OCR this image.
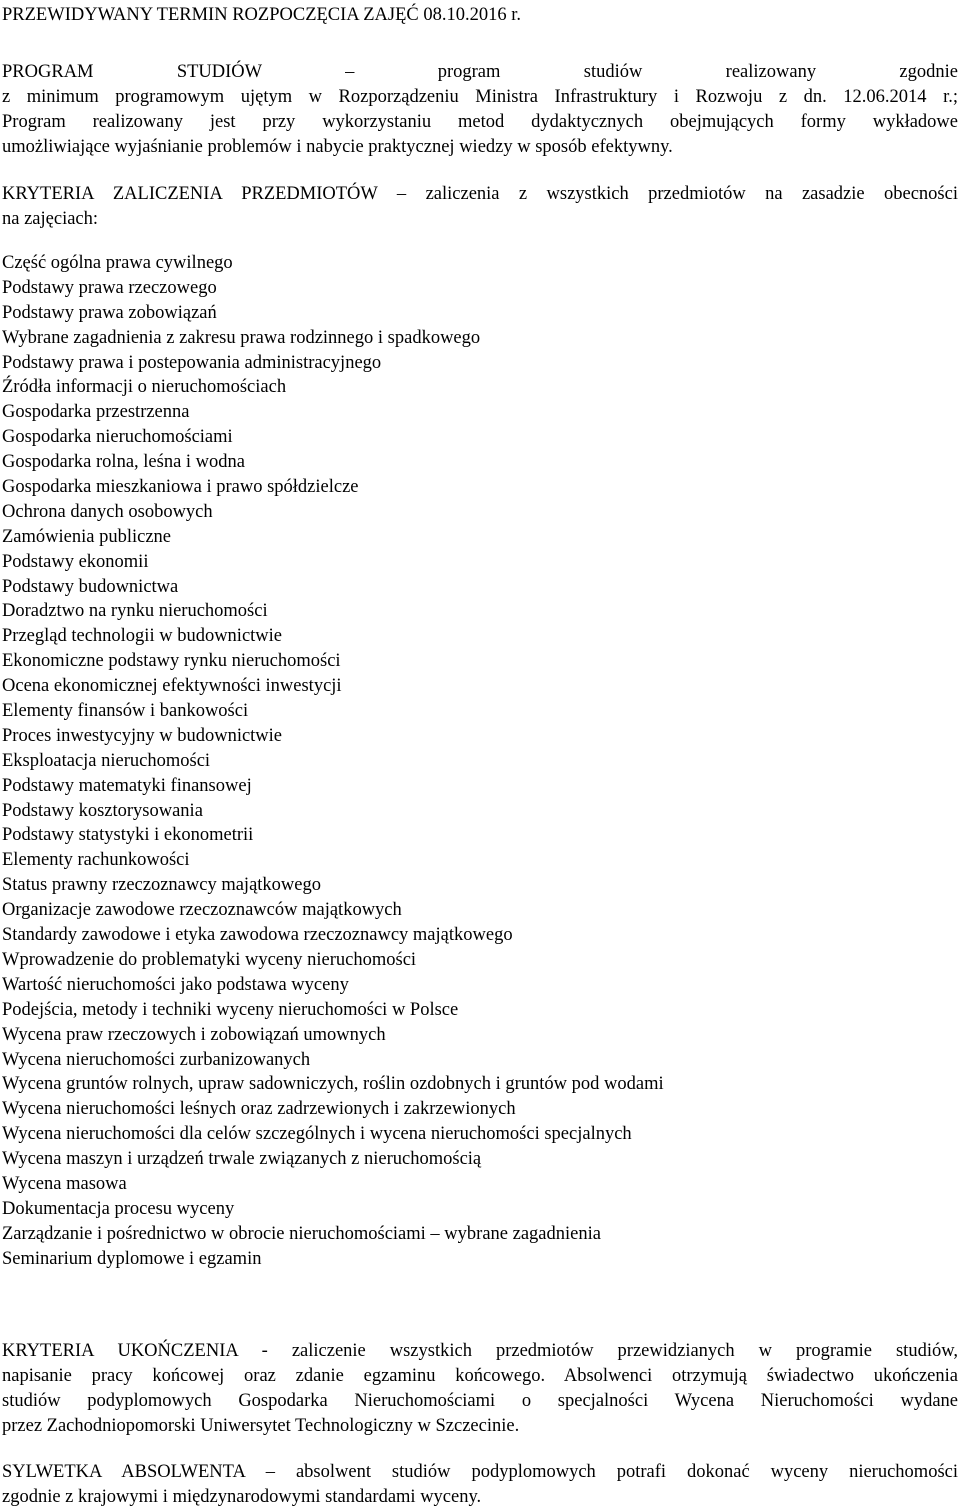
PRZEWIDYWANY TERMIN ROZPOCZĘCIA ZAJĘĆ 08.10.2016 r.
PROGRAM STUDIÓW – program studiów realizowany zgodnie
z minimum programowym ujętym w Rozporządzeniu Ministra Infrastruktury i Rozwoju z dn. 12.06.2014 r.;
Program realizowany jest przy wykorzystaniu metod dydaktycznych obejmujących formy wykładowe
umożliwiające wyjaśnianie problemów i nabycie praktycznej wiedzy w sposób efektywny.
KRYTERIA ZALICZENIA PRZEDMIOTÓW – zaliczenia z wszystkich przedmiotów na zasadzie obecności
na zajęciach:
Część ogólna prawa cywilnego
Podstawy prawa rzeczowego
Podstawy prawa zobowiązań
Wybrane zagadnienia z zakresu prawa rodzinnego i spadkowego
Podstawy prawa i postepowania administracyjnego
Źródła informacji o nieruchomościach
Gospodarka przestrzenna
Gospodarka nieruchomościami
Gospodarka rolna, leśna i wodna
Gospodarka mieszkaniowa i prawo spółdzielcze
Ochrona danych osobowych
Zamówienia publiczne
Podstawy ekonomii
Podstawy budownictwa
Doradztwo na rynku nieruchomości
Przegląd technologii w budownictwie
Ekonomiczne podstawy rynku nieruchomości
Ocena ekonomicznej efektywności inwestycji
Elementy finansów i bankowości
Proces inwestycyjny w budownictwie
Eksploatacja nieruchomości
Podstawy matematyki finansowej
Podstawy kosztorysowania
Podstawy statystyki i ekonometrii
Elementy rachunkowości
Status prawny rzeczoznawcy majątkowego
Organizacje zawodowe rzeczoznawców majątkowych
Standardy zawodowe i etyka zawodowa rzeczoznawcy majątkowego
Wprowadzenie do problematyki wyceny nieruchomości
Wartość nieruchomości jako podstawa wyceny
Podejścia, metody i techniki wyceny nieruchomości w Polsce
Wycena praw rzeczowych i zobowiązań umownych
Wycena nieruchomości zurbanizowanych
Wycena gruntów rolnych, upraw sadowniczych, roślin ozdobnych i gruntów pod wodami
Wycena nieruchomości leśnych oraz zadrzewionych i zakrzewionych
Wycena nieruchomości dla celów szczególnych i wycena nieruchomości specjalnych
Wycena maszyn i urządzeń trwale związanych z nieruchomością
Wycena masowa
Dokumentacja procesu wyceny
Zarządzanie i pośrednictwo w obrocie nieruchomościami – wybrane zagadnienia
Seminarium dyplomowe i egzamin
KRYTERIA UKOŃCZENIA - zaliczenie wszystkich przedmiotów przewidzianych w programie studiów,
napisanie pracy końcowej oraz zdanie egzaminu końcowego. Absolwenci otrzymują świadectwo ukończenia
studiów podyplomowych Gospodarka Nieruchomościami o specjalności Wycena Nieruchomości wydane
przez Zachodniopomorski Uniwersytet Technologiczny w Szczecinie.
SYLWETKA ABSOLWENTA – absolwent studiów podyplomowych potrafi dokonać wyceny nieruchomości
zgodnie z krajowymi i międzynarodowymi standardami wyceny.
